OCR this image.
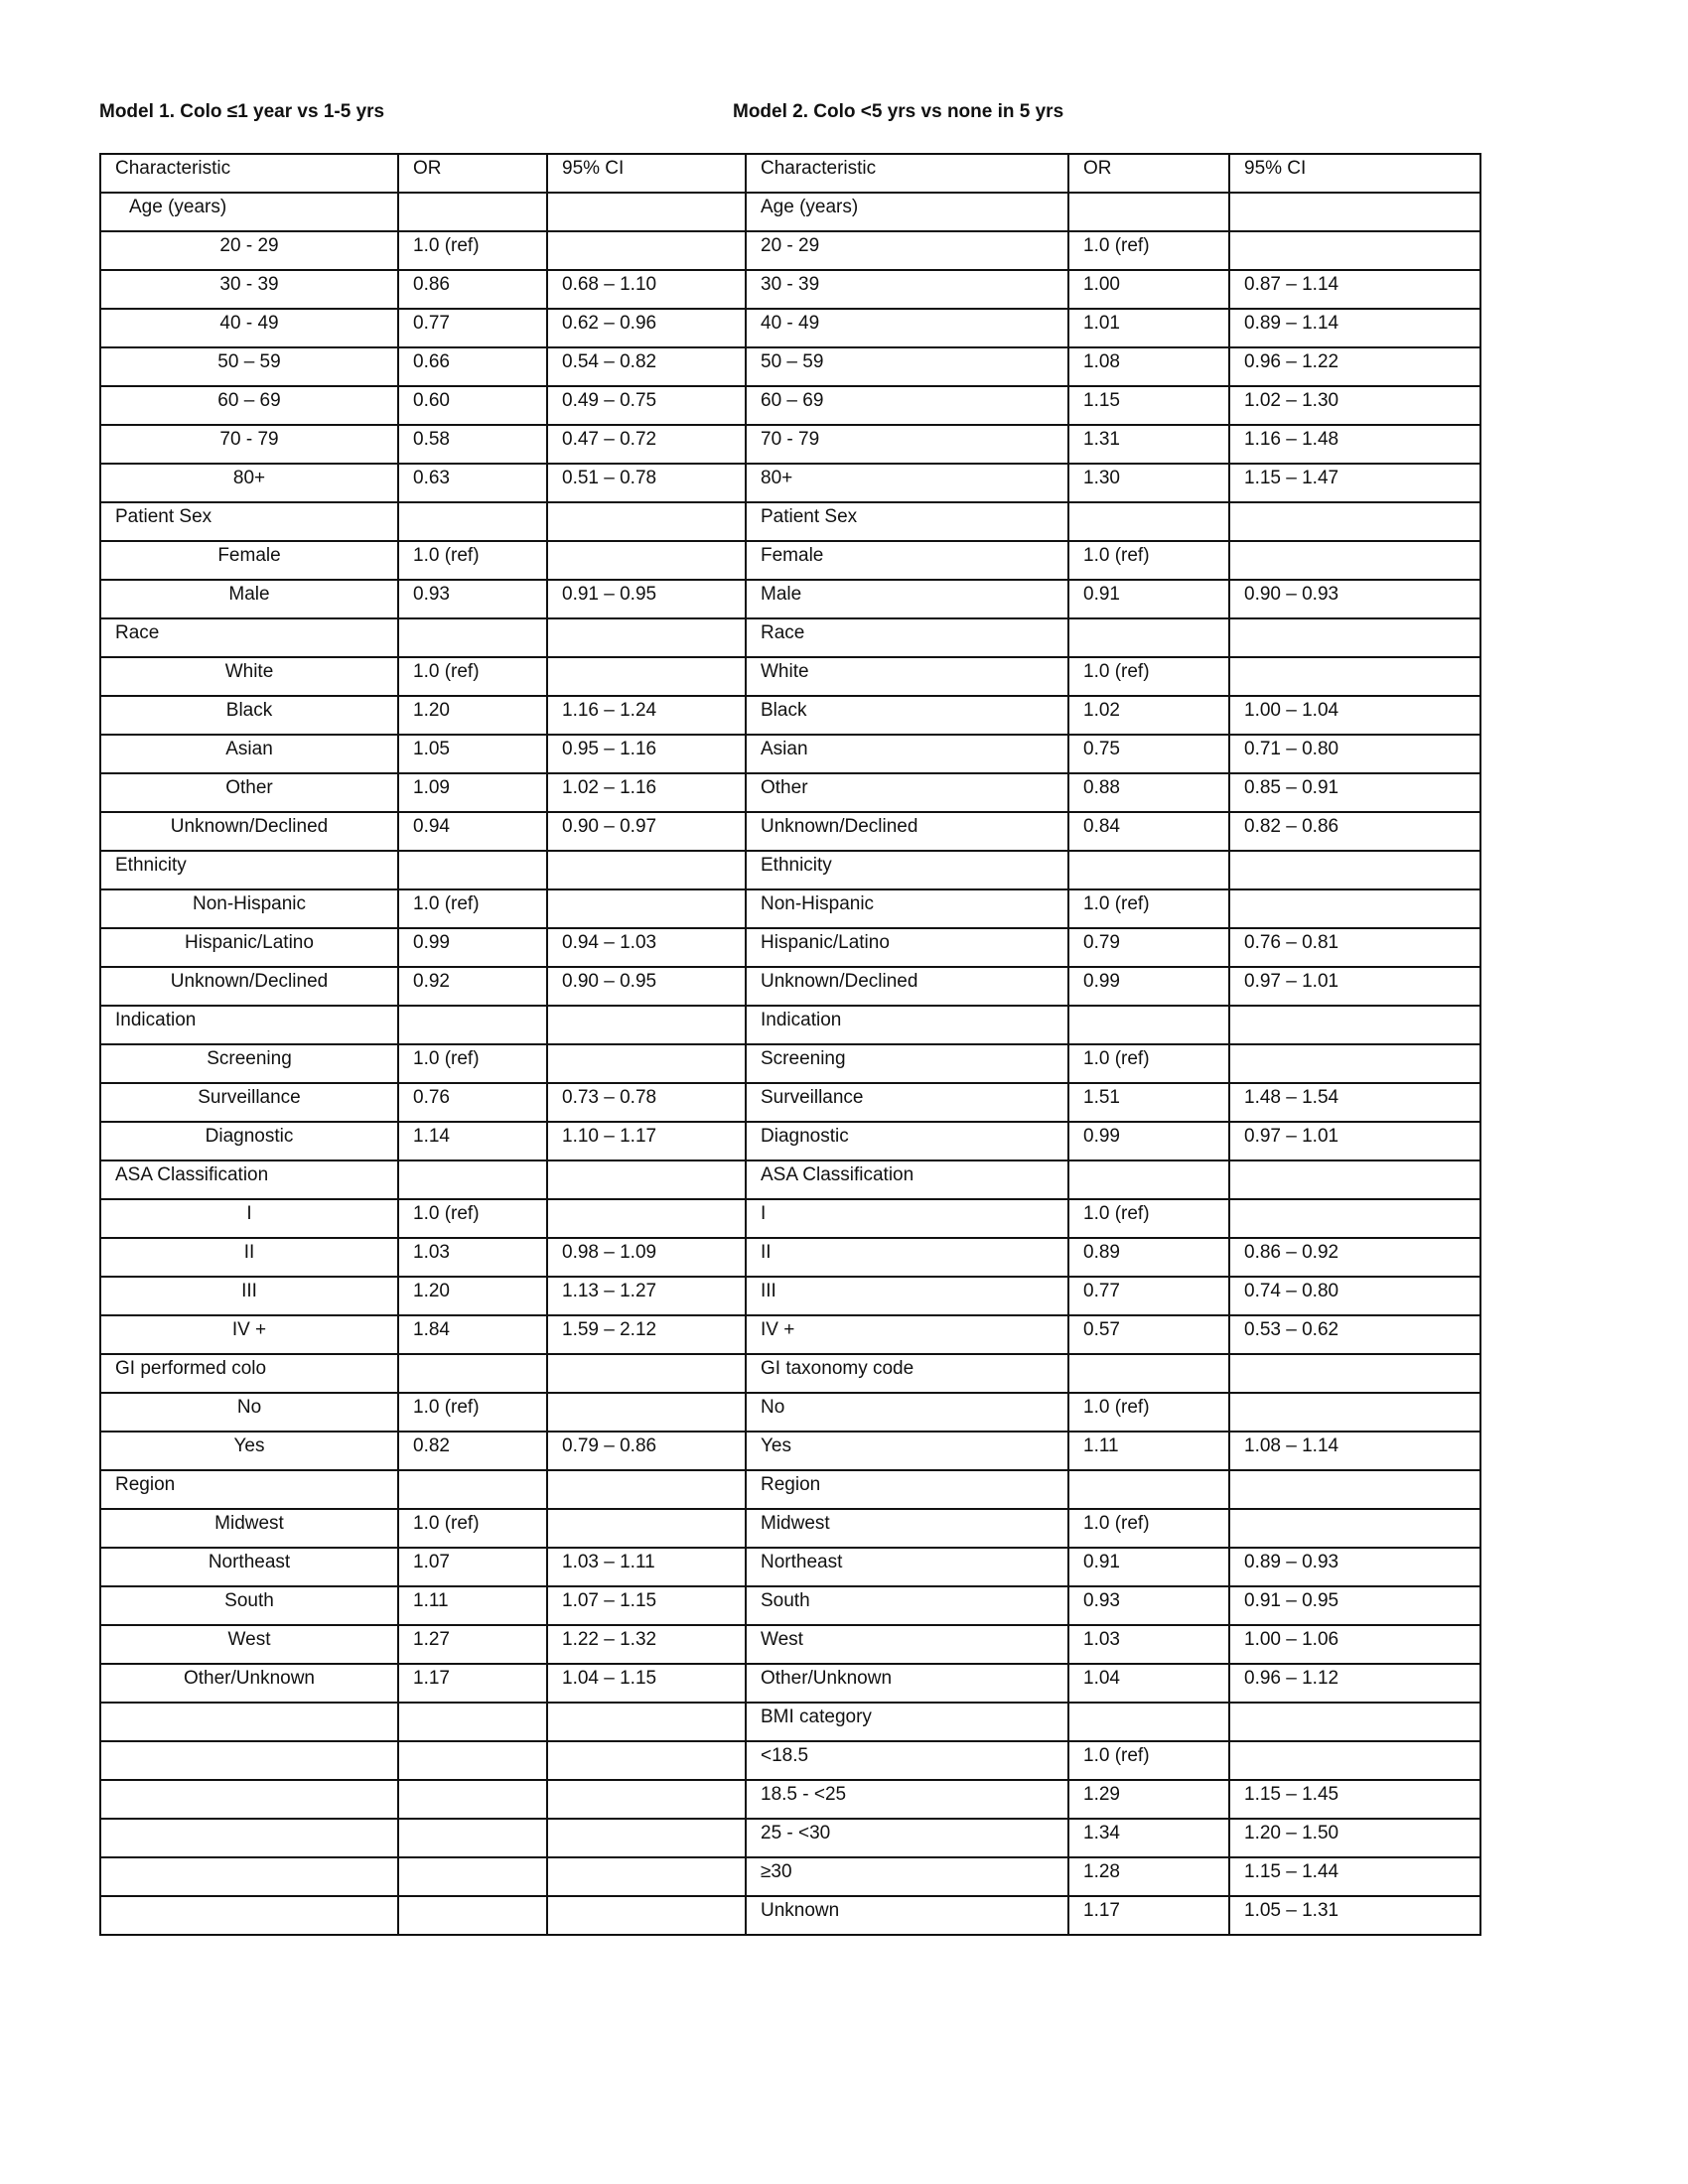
Model 1. Colo ≤1 year vs 1-5 yrs	Model 2. Colo <5 yrs vs none in 5 yrs
Characteristic	OR	95% CI	Characteristic	OR	95% CI
Age (years)			Age (years)		
20 - 29	1.0 (ref)		20 - 29	1.0 (ref)	
30 - 39	0.86	0.68 – 1.10	30 - 39	1.00	0.87 – 1.14
40 - 49	0.77	0.62 – 0.96	40 - 49	1.01	0.89 – 1.14
50 – 59	0.66	0.54 – 0.82	50 – 59	1.08	0.96 – 1.22
60 – 69	0.60	0.49 – 0.75	60 – 69	1.15	1.02 – 1.30
70 - 79	0.58	0.47 – 0.72	70 - 79	1.31	1.16 – 1.48
80+	0.63	0.51 – 0.78	80+	1.30	1.15 – 1.47
Patient Sex			Patient Sex		
Female	1.0 (ref)		Female	1.0 (ref)	
Male	0.93	0.91 – 0.95	Male	0.91	0.90 – 0.93
Race			Race		
White	1.0 (ref)		White	1.0 (ref)	
Black	1.20	1.16 – 1.24	Black	1.02	1.00 – 1.04
Asian	1.05	0.95 – 1.16	Asian	0.75	0.71 – 0.80
Other	1.09	1.02 – 1.16	Other	0.88	0.85 – 0.91
Unknown/Declined	0.94	0.90 – 0.97	Unknown/Declined	0.84	0.82 – 0.86
Ethnicity			Ethnicity		
Non-Hispanic	1.0 (ref)		Non-Hispanic	1.0 (ref)	
Hispanic/Latino	0.99	0.94 – 1.03	Hispanic/Latino	0.79	0.76 – 0.81
Unknown/Declined	0.92	0.90 – 0.95	Unknown/Declined	0.99	0.97 – 1.01
Indication			Indication		
Screening	1.0 (ref)		Screening	1.0 (ref)	
Surveillance	0.76	0.73 – 0.78	Surveillance	1.51	1.48 – 1.54
Diagnostic	1.14	1.10 – 1.17	Diagnostic	0.99	0.97 – 1.01
ASA Classification			ASA Classification		
I	1.0 (ref)		I	1.0 (ref)	
II	1.03	0.98 – 1.09	II	0.89	0.86 – 0.92
III	1.20	1.13 – 1.27	III	0.77	0.74 – 0.80
IV +	1.84	1.59 – 2.12	IV +	0.57	0.53 – 0.62
GI performed colo			GI taxonomy code		
No	1.0 (ref)		No	1.0 (ref)	
Yes	0.82	0.79 – 0.86	Yes	1.11	1.08 – 1.14
Region			Region		
Midwest	1.0 (ref)		Midwest	1.0 (ref)	
Northeast	1.07	1.03 – 1.11	Northeast	0.91	0.89 – 0.93
South	1.11	1.07 – 1.15	South	0.93	0.91 – 0.95
West	1.27	1.22 – 1.32	West	1.03	1.00 – 1.06
Other/Unknown	1.17	1.04 – 1.15	Other/Unknown	1.04	0.96 – 1.12
			BMI category		
			<18.5	1.0 (ref)	
			18.5 - <25	1.29	1.15 – 1.45
			25 - <30	1.34	1.20 – 1.50
			≥30	1.28	1.15 – 1.44
			Unknown	1.17	1.05 – 1.31
